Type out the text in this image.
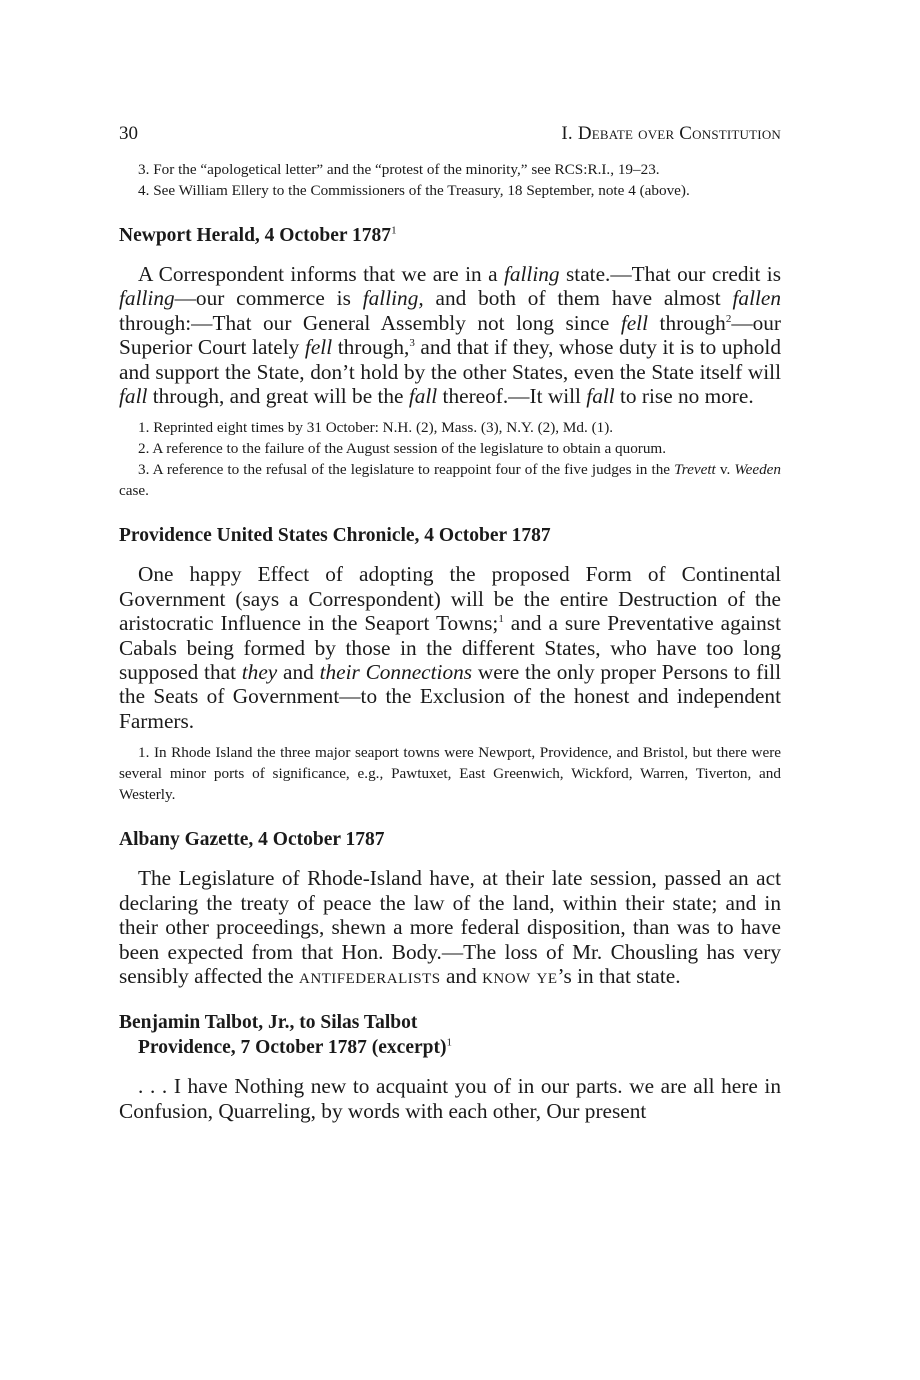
30	I. Debate over Constitution

3. For the “apologetical letter” and the “protest of the minority,” see RCS:R.I., 19–23.

4. See William Ellery to the Commissioners of the Treasury, 18 September, note 4 (above).

Newport Herald, 4 October 1787$^1$

A Correspondent informs that we are in a falling state.—That our credit is falling—our commerce is falling, and both of them have almost fallen through:—That our General Assembly not long since fell through$^2$—our Superior Court lately fell through,$^3$ and that if they, whose duty it is to uphold and support the State, don’t hold by the other States, even the State itself will fall through, and great will be the fall thereof.—It will fall to rise no more.

1. Reprinted eight times by 31 October: N.H. (2), Mass. (3), N.Y. (2), Md. (1).

2. A reference to the failure of the August session of the legislature to obtain a quorum.

3. A reference to the refusal of the legislature to reappoint four of the five judges in the Trevett v. Weeden case.

Providence United States Chronicle, 4 October 1787

One happy Effect of adopting the proposed Form of Continental Government (says a Correspondent) will be the entire Destruction of the aristocratic Influence in the Seaport Towns;$^1$ and a sure Preventative against Cabals being formed by those in the different States, who have too long supposed that they and their Connections were the only proper Persons to fill the Seats of Government—to the Exclusion of the honest and independent Farmers.

1. In Rhode Island the three major seaport towns were Newport, Providence, and Bristol, but there were several minor ports of significance, e.g., Pawtuxet, East Greenwich, Wickford, Warren, Tiverton, and Westerly.

Albany Gazette, 4 October 1787

The Legislature of Rhode-Island have, at their late session, passed an act declaring the treaty of peace the law of the land, within their state; and in their other proceedings, shewn a more federal disposition, than was to have been expected from that Hon. Body.—The loss of Mr. Chousling has very sensibly affected the antifederalists and know ye’s in that state.

Benjamin Talbot, Jr., to Silas Talbot
Providence, 7 October 1787 (excerpt)$^1$

. . . I have Nothing new to acquaint you of in our parts. we are all here in Confusion, Quarreling, by words with each other, Our present
